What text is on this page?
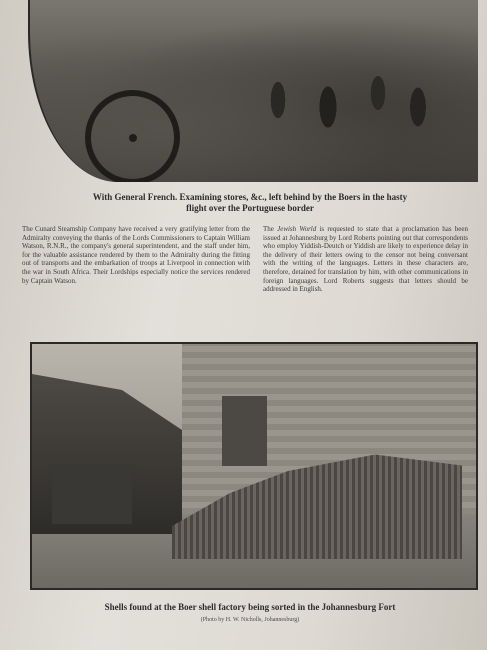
With General French. Examining stores, &c., left behind by the Boers in the hasty
flight over the Portuguese border
The Cunard Steamship Company have received a very gratifying letter from the Admiralty conveying the thanks of the Lords Commissioners to Captain William Watson, R.N.R., the company's general superintendent, and the staff under him, for the valuable assistance rendered by them to the Admiralty during the fitting out of transports and the embarkation of troops at Liverpool in connection with the war in South Africa. Their Lordships especially notice the services rendered by Captain Watson.
The Jewish World is requested to state that a proclamation has been issued at Johannesburg by Lord Roberts pointing out that correspondents who employ Yiddish-Deutch or Yiddish are likely to experience delay in the delivery of their letters owing to the censor not being conversant with the writing of the languages. Letters in these characters are, therefore, detained for translation by him, with other communications in foreign languages. Lord Roberts suggests that letters should be addressed in English.
Shells found at the Boer shell factory being sorted in the Johannesburg Fort
(Photo by H. W. Nicholls, Johannesburg)
